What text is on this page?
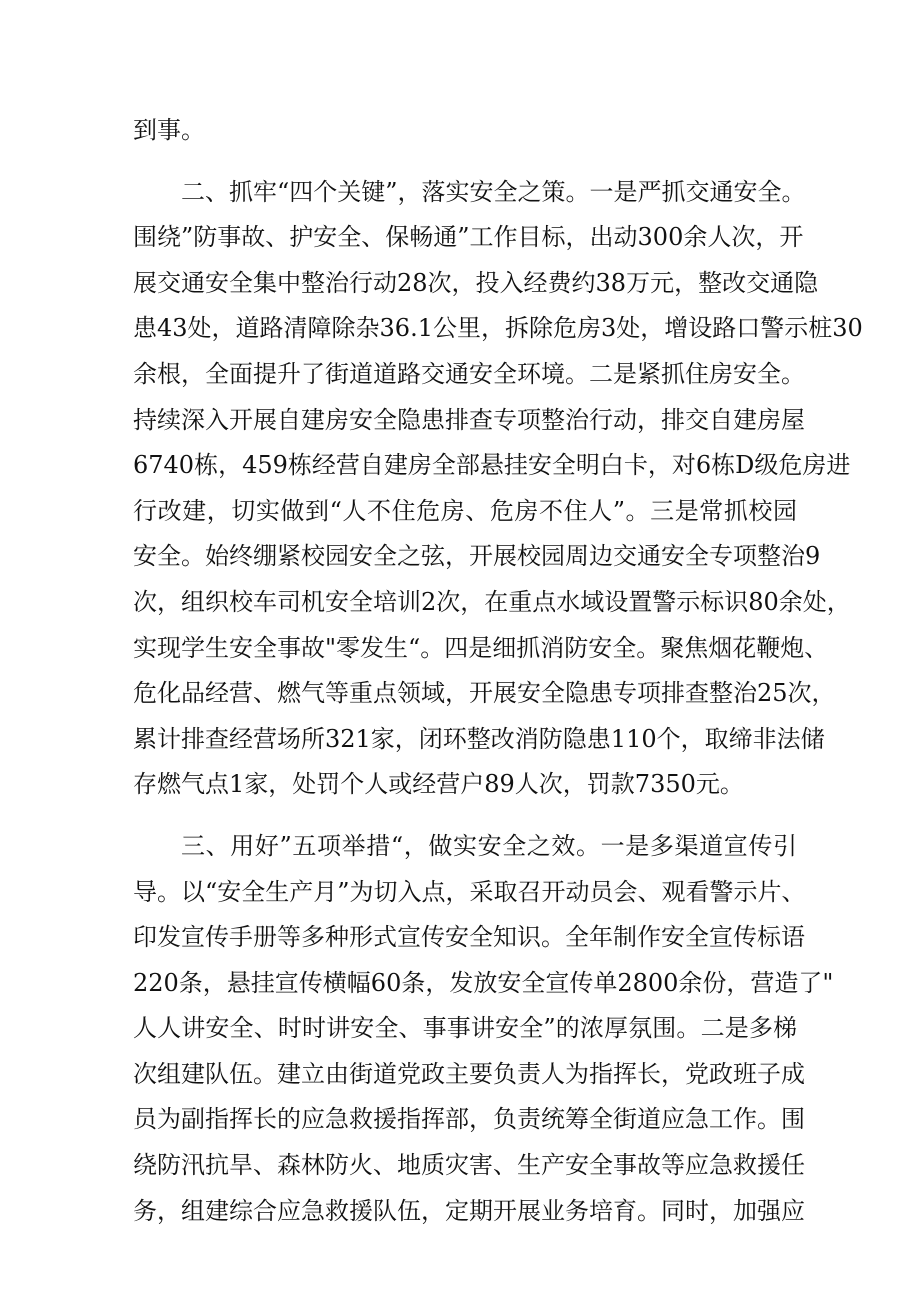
到事。
二、抓牢“四个关键”，落实安全之策。一是严抓交通安全。
围绕”防事故、护安全、保畅通”工作目标，出动300余人次，开
展交通安全集中整治行动28次，投入经费约38万元，整改交通隐
患43处，道路清障除杂36.1公里，拆除危房3处，增设路口警示桩30
余根，全面提升了街道道路交通安全环境。二是紧抓住房安全。
持续深入开展自建房安全隐患排查专项整治行动，排交自建房屋
6740栋，459栋经营自建房全部悬挂安全明白卡，对6栋D级危房进
行改建，切实做到“人不住危房、危房不住人”。三是常抓校园
安全。始终绷紧校园安全之弦，开展校园周边交通安全专项整治9
次，组织校车司机安全培训2次，在重点水域设置警示标识80余处，
实现学生安全事故"零发生“。四是细抓消防安全。聚焦烟花鞭炮、
危化品经营、燃气等重点领域，开展安全隐患专项排查整治25次，
累计排查经营场所321家，闭环整改消防隐患110个，取缔非法储
存燃气点1家，处罚个人或经营户89人次，罚款7350元。
三、用好”五项举措“，做实安全之效。一是多渠道宣传引
导。以“安全生产月”为切入点，采取召开动员会、观看警示片、
印发宣传手册等多种形式宣传安全知识。全年制作安全宣传标语
220条，悬挂宣传横幅60条，发放安全宣传单2800余份，营造了"
人人讲安全、时时讲安全、事事讲安全”的浓厚氛围。二是多梯
次组建队伍。建立由街道党政主要负责人为指挥长，党政班子成
员为副指挥长的应急救援指挥部，负责统筹全街道应急工作。围
绕防汛抗旱、森林防火、地质灾害、生产安全事故等应急救援任
务，组建综合应急救援队伍，定期开展业务培育。同时，加强应
